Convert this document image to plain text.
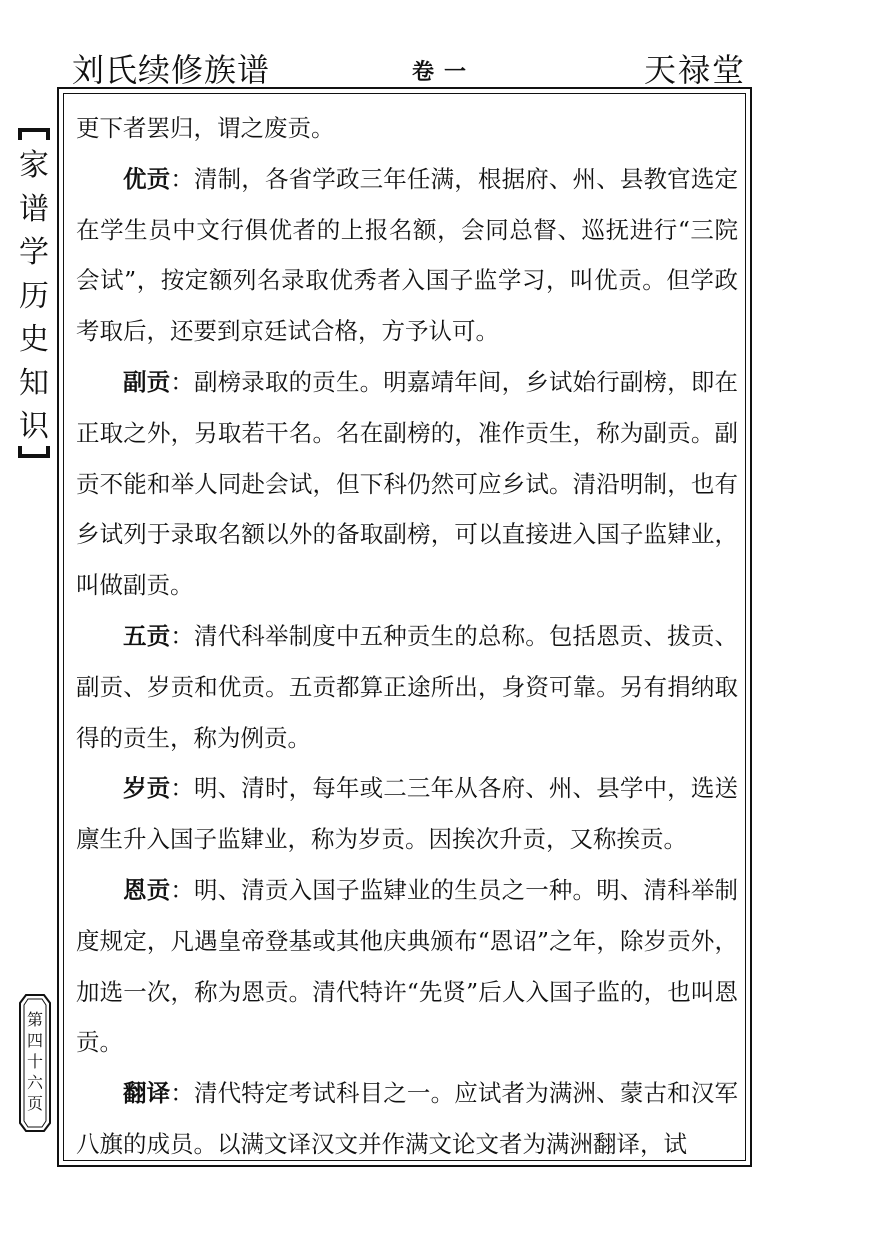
刘氏续修族谱	卷一	天禄堂
家
谱
学
历
史
知
识

更下者罢归，谓之废贡。

优贡：清制，各省学政三年任满，根据府、州、县教官选定在学生员中文行俱优者的上报名额，会同总督、巡抚进行“三院会试”，按定额列名录取优秀者入国子监学习，叫优贡。但学政考取后，还要到京廷试合格，方予认可。

副贡：副榜录取的贡生。明嘉靖年间，乡试始行副榜，即在正取之外，另取若干名。名在副榜的，准作贡生，称为副贡。副贡不能和举人同赴会试，但下科仍然可应乡试。清沿明制，也有乡试列于录取名额以外的备取副榜，可以直接进入国子监肄业，叫做副贡。

五贡：清代科举制度中五种贡生的总称。包括恩贡、拔贡、副贡、岁贡和优贡。五贡都算正途所出，身资可靠。另有捐纳取得的贡生，称为例贡。

岁贡：明、清时，每年或二三年从各府、州、县学中，选送廪生升入国子监肄业，称为岁贡。因挨次升贡，又称挨贡。

恩贡：明、清贡入国子监肄业的生员之一种。明、清科举制度规定，凡遇皇帝登基或其他庆典颁布“恩诏”之年，除岁贡外，加选一次，称为恩贡。清代特许“先贤”后人入国子监的，也叫恩贡。

翻译：清代特定考试科目之一。应试者为满洲、蒙古和汉军八旗的成员。以满文译汉文并作满文论文者为满洲翻译，试

第
四
十
六
页
